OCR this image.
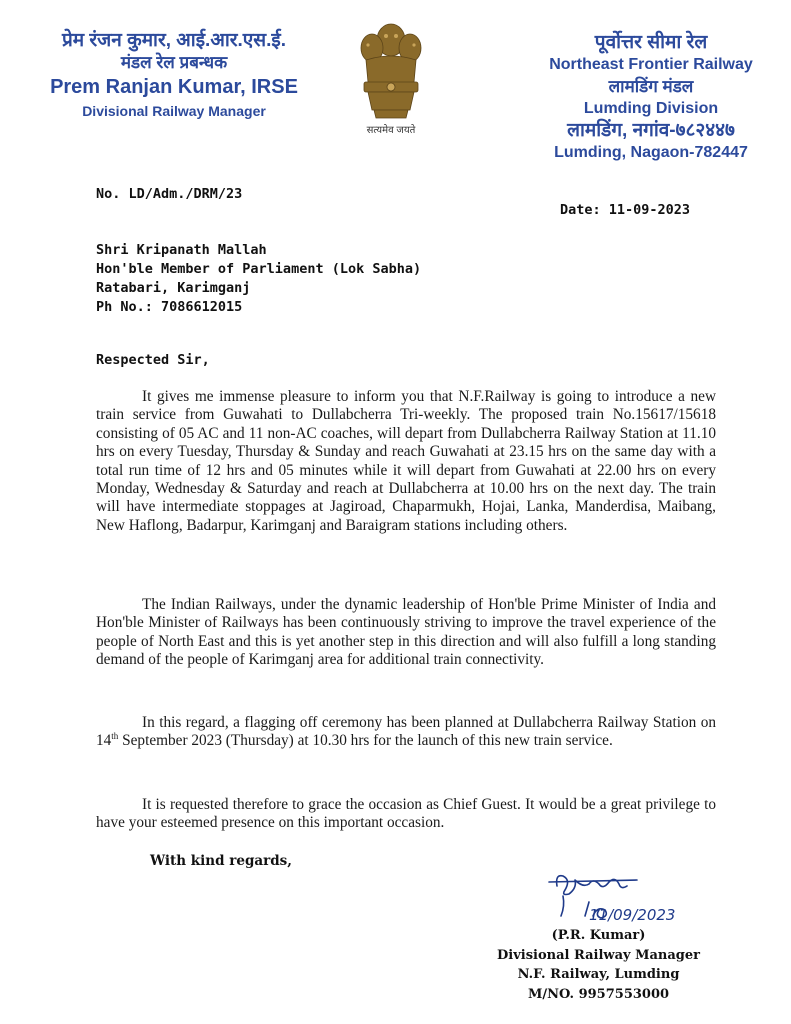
प्रेम रंजन कुमार, आई.आर.एस.ई.
मंडल रेल प्रबन्धक
Prem Ranjan Kumar, IRSE
Divisional Railway Manager
सत्यमेव जयते
पूर्वोत्तर सीमा रेल
Northeast Frontier Railway
लामडिंग मंडल
Lumding Division
लामडिंग, नगांव-७८२४४७
Lumding, Nagaon-782447
No. LD/Adm./DRM/23
Date: 11-09-2023
Shri Kripanath Mallah
Hon'ble Member of Parliament (Lok Sabha)
Ratabari, Karimganj
Ph No.: 7086612015
Respected Sir,
It gives me immense pleasure to inform you that N.F.Railway is going to introduce a new train service from Guwahati to Dullabcherra Tri-weekly. The proposed train No.15617/15618 consisting of 05 AC and 11 non-AC coaches, will depart from Dullabcherra Railway Station at 11.10 hrs on every Tuesday, Thursday & Sunday and reach Guwahati at 23.15 hrs on the same day with a total run time of 12 hrs and 05 minutes while it will depart from Guwahati at 22.00 hrs on every Monday, Wednesday & Saturday and reach at Dullabcherra at 10.00 hrs on the next day. The train will have intermediate stoppages at Jagiroad, Chaparmukh, Hojai, Lanka, Manderdisa, Maibang, New Haflong, Badarpur, Karimganj and Baraigram stations including others.
The Indian Railways, under the dynamic leadership of Hon'ble Prime Minister of India and Hon'ble Minister of Railways has been continuously striving to improve the travel experience of the people of North East and this is yet another step in this direction and will also fulfill a long standing demand of the people of Karimganj area for additional train connectivity.
In this regard, a flagging off ceremony has been planned at Dullabcherra Railway Station on 14th September 2023 (Thursday) at 10.30 hrs for the launch of this new train service.
It is requested therefore to grace the occasion as Chief Guest. It would be a great privilege to have your esteemed presence on this important occasion.
With kind regards,
11/09/2023
(P.R. Kumar)
Divisional Railway Manager
N.F. Railway, Lumding
M/NO. 9957553000
